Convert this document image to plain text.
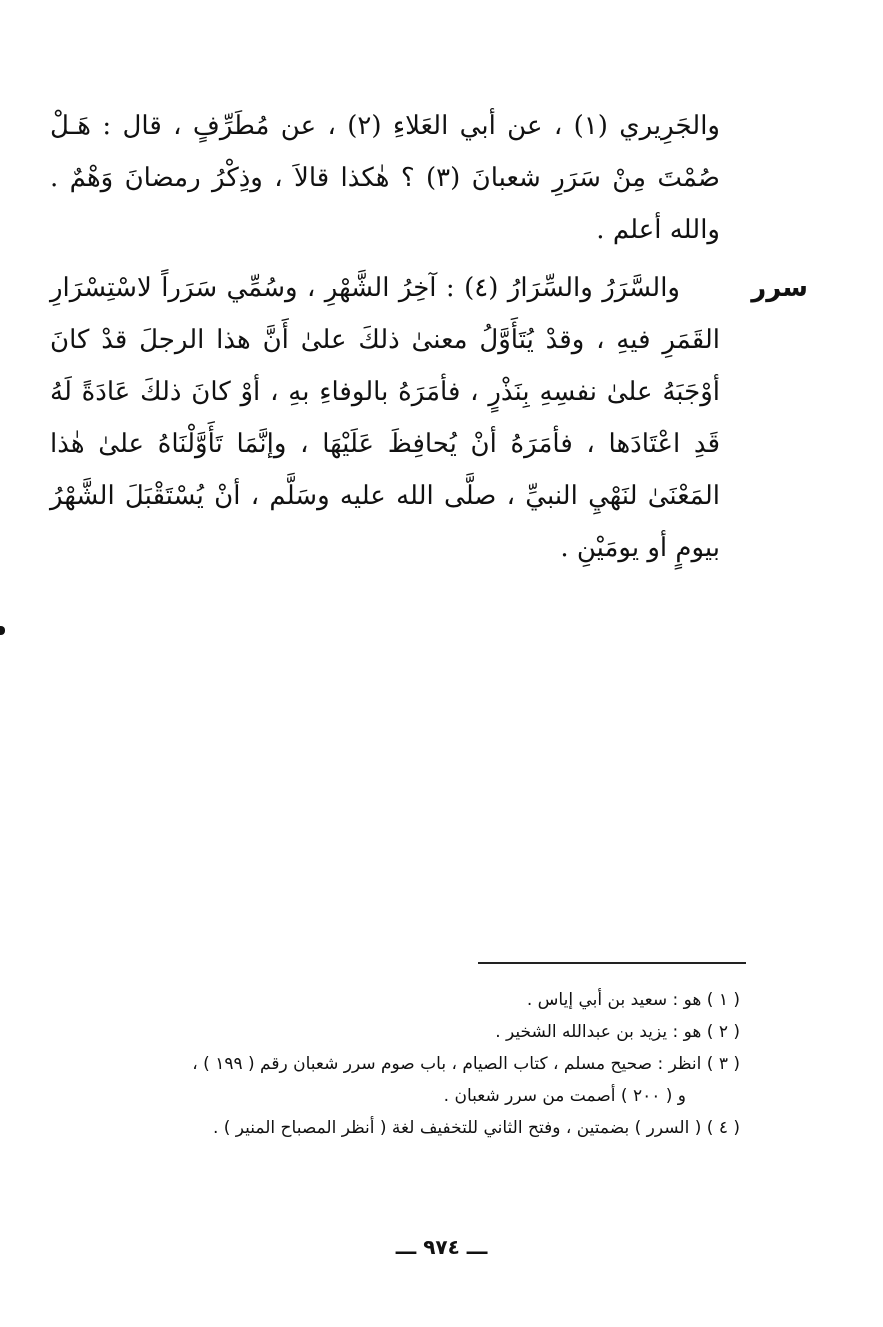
والجَرِيري (١) ، عن أبي العَلاءِ (٢) ، عن مُطَرِّفٍ ، قال : هَـلْ صُمْتَ مِنْ سَرَرِ شعبانَ (٣) ؟ هٰكذا قالاَ ، وذِكْرُ رمضانَ وَهْمٌ . والله أعلم .

سرر

والسَّرَرُ والسِّرَارُ (٤) : آخِرُ الشَّهْرِ ، وسُمِّي سَرَراً لاسْتِسْرَارِ القَمَرِ فيهِ ، وقدْ يُتَأَوَّلُ معنىٰ ذلكَ علىٰ أَنَّ هذا الرجلَ قدْ كانَ أوْجَبَهُ علىٰ نفسِهِ بِنَذْرٍ ، فأمَرَهُ بالوفاءِ بهِ ، أوْ كانَ ذلكَ عَادَةً لَهُ قَدِ اعْتَادَها ، فأمَرَهُ أنْ يُحافِظَ عَلَيْهَا ، وإنَّمَا تَأَوَّلْنَاهُ علىٰ هٰذا المَعْنَىٰ لنَهْيِ النبيِّ ، صلَّى الله عليه وسَلَّم ، أنْ يُسْتَقْبَلَ الشَّهْرُ بيومٍ أو يومَيْنِ .

( ١ ) هو : سعيد بن أبي إياس .
( ٢ ) هو : يزيد بن عبدالله الشخير .
( ٣ ) انظر : صحيح مسلم ، كتاب الصيام ، باب صوم سرر شعبان رقم ( ١٩٩ ) ،
و ( ٢٠٠ ) أصمت من سرر شعبان .
( ٤ ) ( السرر ) بضمتين ، وفتح الثاني للتخفيف لغة ( أنظر المصباح المنير ) .
ـــ ٩٧٤ ـــ
